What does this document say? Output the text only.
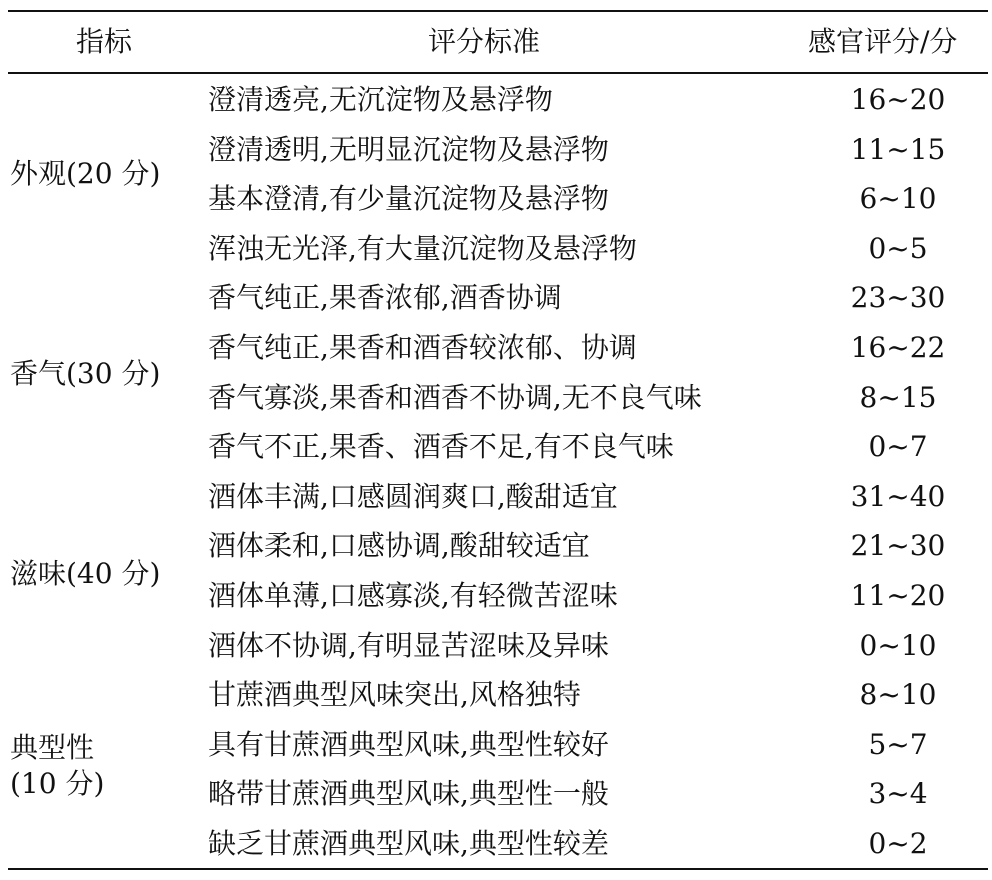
指标	评分标准	感官评分/分
外观(20 分)
香气(30 分)
滋味(40 分)
典型性
(10 分)
澄清透亮,无沉淀物及悬浮物
澄清透明,无明显沉淀物及悬浮物
基本澄清,有少量沉淀物及悬浮物
浑浊无光泽,有大量沉淀物及悬浮物
香气纯正,果香浓郁,酒香协调
香气纯正,果香和酒香较浓郁、协调
香气寡淡,果香和酒香不协调,无不良气味
香气不正,果香、酒香不足,有不良气味
酒体丰满,口感圆润爽口,酸甜适宜
酒体柔和,口感协调,酸甜较适宜
酒体单薄,口感寡淡,有轻微苦涩味
酒体不协调,有明显苦涩味及异味
甘蔗酒典型风味突出,风格独特
具有甘蔗酒典型风味,典型性较好
略带甘蔗酒典型风味,典型性一般
缺乏甘蔗酒典型风味,典型性较差
16~20
11~15
6~10
0~5
23~30
16~22
8~15
0~7
31~40
21~30
11~20
0~10
8~10
5~7
3~4
0~2
